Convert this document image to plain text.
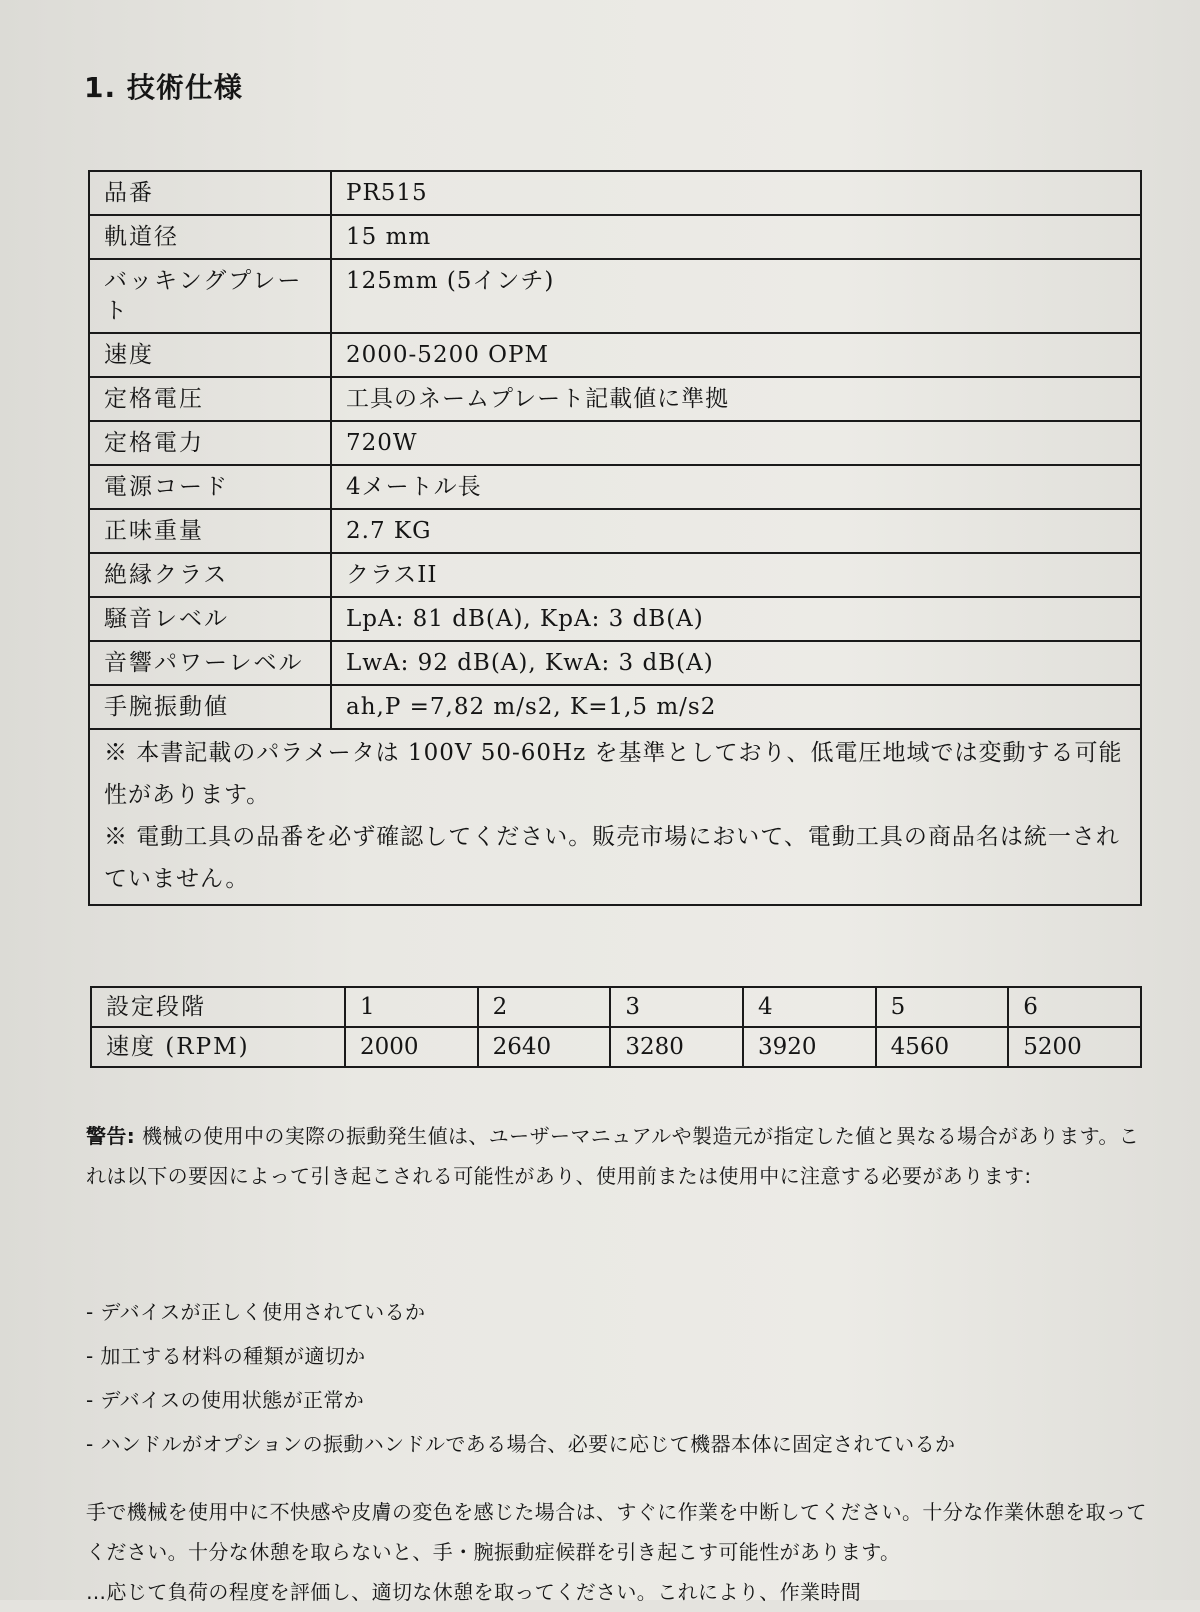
1. 技術仕様
品番	PR515
軌道径	15 mm
バッキングプレート	125mm (5インチ)
速度	2000-5200 OPM
定格電圧	工具のネームプレート記載値に準拠
定格電力	720W
電源コード	4メートル長
正味重量	2.7 KG
絶縁クラス	クラスII
騒音レベル	LpA: 81 dB(A), KpA: 3 dB(A)
音響パワーレベル	LwA: 92 dB(A), KwA: 3 dB(A)
手腕振動値	ah,P =7,82 m/s2, K=1,5 m/s2

※ 本書記載のパラメータは 100V 50-60Hz を基準としており、低電圧地域では変動する可能性があります。
※ 電動工具の品番を必ず確認してください。販売市場において、電動工具の商品名は統一されていません。	
設定段階	1	2	3	4	5	6
速度 (RPM)	2000	2640	3280	3920	4560	5200
警告: 機械の使用中の実際の振動発生値は、ユーザーマニュアルや製造元が指定した値と異なる場合があります。これは以下の要因によって引き起こされる可能性があり、使用前または使用中に注意する必要があります:
- デバイスが正しく使用されているか
- 加工する材料の種類が適切か
- デバイスの使用状態が正常か
- ハンドルがオプションの振動ハンドルである場合、必要に応じて機器本体に固定されているか
手で機械を使用中に不快感や皮膚の変色を感じた場合は、すぐに作業を中断してください。十分な作業休憩を取ってください。十分な休憩を取らないと、手・腕振動症候群を引き起こす可能性があります。
…応じて負荷の程度を評価し、適切な休憩を取ってください。これにより、作業時間
